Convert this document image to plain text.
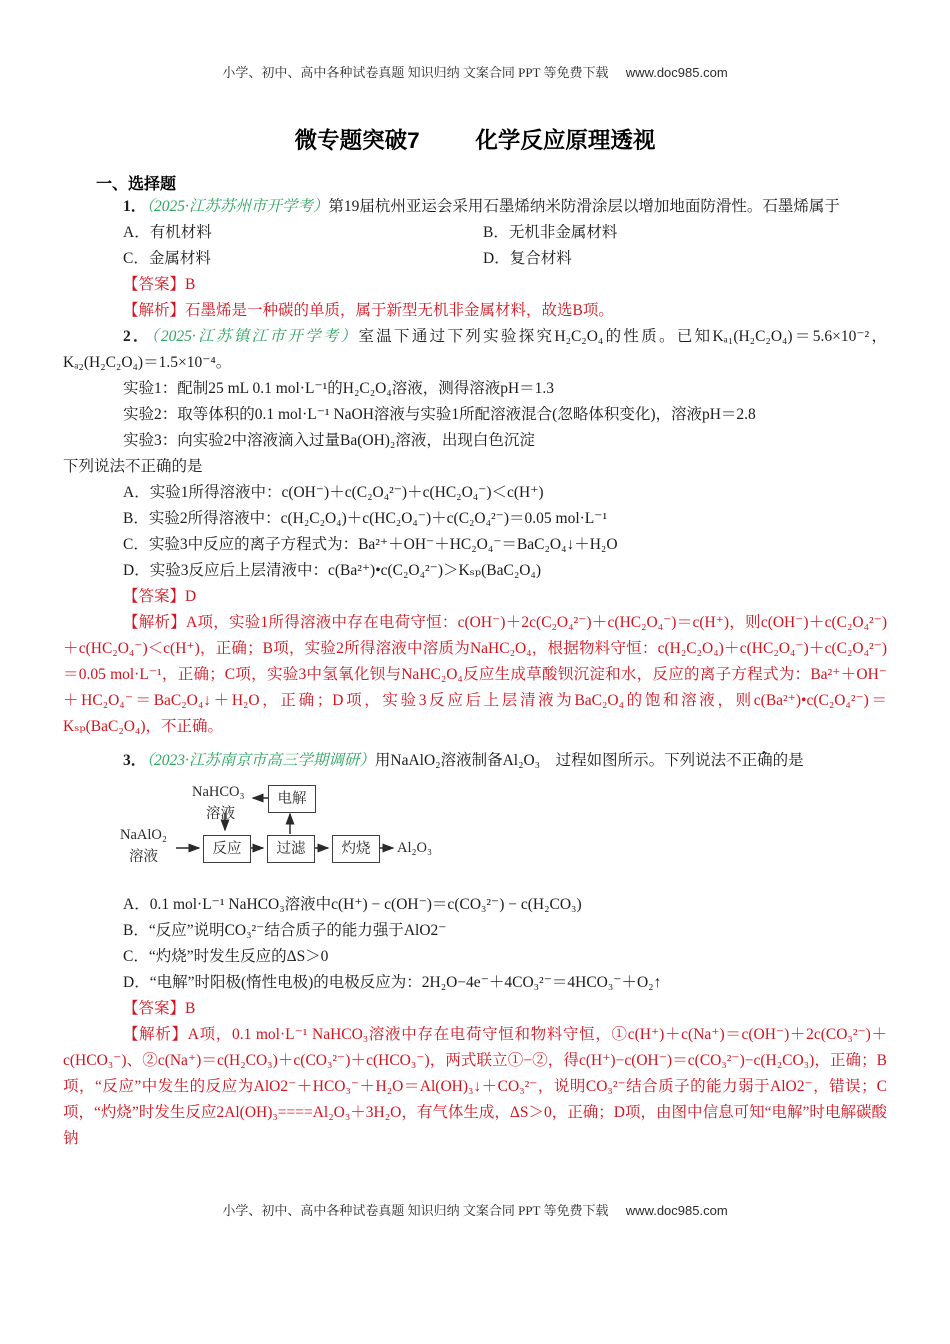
小学、初中、高中各种试卷真题 知识归纳 文案合同 PPT 等免费下载 www.doc985.com
微专题突破7 化学反应原理透视
一、选择题

1．（2025·江苏苏州市开学考）第19届杭州亚运会采用石墨烯纳米防滑涂层以增加地面防滑性。石墨烯属于

A．有机材料	B．无机非金属材料
C．金属材料	D．复合材料

【答案】B

【解析】石墨烯是一种碳的单质，属于新型无机非金属材料，故选B项。

2．（2025·江苏镇江市开学考）室温下通过下列实验探究H₂C₂O₄的性质。已知Kₐ₁(H₂C₂O₄)＝5.6×10⁻²，Kₐ₂(H₂C₂O₄)＝1.5×10⁻⁴。

实验1：配制25 mL 0.1 mol·L⁻¹的H₂C₂O₄溶液，测得溶液pH＝1.3

实验2：取等体积的0.1 mol·L⁻¹ NaOH溶液与实验1所配溶液混合(忽略体积变化)，溶液pH＝2.8

实验3：向实验2中溶液滴入过量Ba(OH)₂溶液，出现白色沉淀

下列说法不正确的是

A．实验1所得溶液中：c(OH⁻)＋c(C₂O₄²⁻)＋c(HC₂O₄⁻)＜c(H⁺)

B．实验2所得溶液中：c(H₂C₂O₄)＋c(HC₂O₄⁻)＋c(C₂O₄²⁻)＝0.05 mol·L⁻¹

C．实验3中反应的离子方程式为：Ba²⁺＋OH⁻＋HC₂O₄⁻＝BaC₂O₄↓＋H₂O

D．实验3反应后上层清液中：c(Ba²⁺)•c(C₂O₄²⁻)＞Kₛₚ(BaC₂O₄)

【答案】D

【解析】A项，实验1所得溶液中存在电荷守恒：c(OH⁻)＋2c(C₂O₄²⁻)＋c(HC₂O₄⁻)＝c(H⁺)，则c(OH⁻)＋c(C₂O₄²⁻)＋c(HC₂O₄⁻)＜c(H⁺)，正确；B项，实验2所得溶液中溶质为NaHC₂O₄，根据物料守恒：c(H₂C₂O₄)＋c(HC₂O₄⁻)＋c(C₂O₄²⁻)＝0.05 mol·L⁻¹，正确；C项，实验3中氢氧化钡与NaHC₂O₄反应生成草酸钡沉淀和水，反应的离子方程式为：Ba²⁺＋OH⁻＋HC₂O₄⁻＝BaC₂O₄↓＋H₂O，正确；D项，实验3反应后上层清液为BaC₂O₄的饱和溶液，则c(Ba²⁺)•c(C₂O₄²⁻)＝Kₛₚ(BaC₂O₄)，不正确。

3．（2023·江苏南京市高三学期调研）用NaAlO₂溶液制备Al₂O₃　过程如图所示。下列说法不正确的是

NaHCO₃
溶液
电解
NaAlO₂
溶液	反应	过滤	灼烧	Al₂O₃

A．0.1 mol·L⁻¹ NaHCO₃溶液中c(H⁺) − c(OH⁻)＝c(CO₃²⁻) − c(H₂CO₃)

B．“反应”说明CO₃²⁻结合质子的能力强于AlO2⁻

C．“灼烧”时发生反应的ΔS＞0

D．“电解”时阳极(惰性电极)的电极反应为：2H₂O−4e⁻＋4CO₃²⁻＝4HCO₃⁻＋O₂↑

【答案】B

【解析】A项，0.1 mol·L⁻¹ NaHCO₃溶液中存在电荷守恒和物料守恒，①c(H⁺)＋c(Na⁺)＝c(OH⁻)＋2c(CO₃²⁻)＋c(HCO₃⁻)、②c(Na⁺)＝c(H₂CO₃)＋c(CO₃²⁻)＋c(HCO₃⁻)，两式联立①−②，得c(H⁺)−c(OH⁻)＝c(CO₃²⁻)−c(H₂CO₃)，正确；B项，“反应”中发生的反应为AlO2⁻＋HCO₃⁻＋H₂O＝Al(OH)₃↓＋CO₃²⁻，说明CO₃²⁻结合质子的能力弱于AlO2⁻，错误；C项，“灼烧”时发生反应2Al(OH)₃====Al₂O₃＋3H₂O，有气体生成，ΔS＞0，正确；D项，由图中信息可知“电解”时电解碳酸钠

小学、初中、高中各种试卷真题 知识归纳 文案合同 PPT 等免费下载 www.doc985.com
